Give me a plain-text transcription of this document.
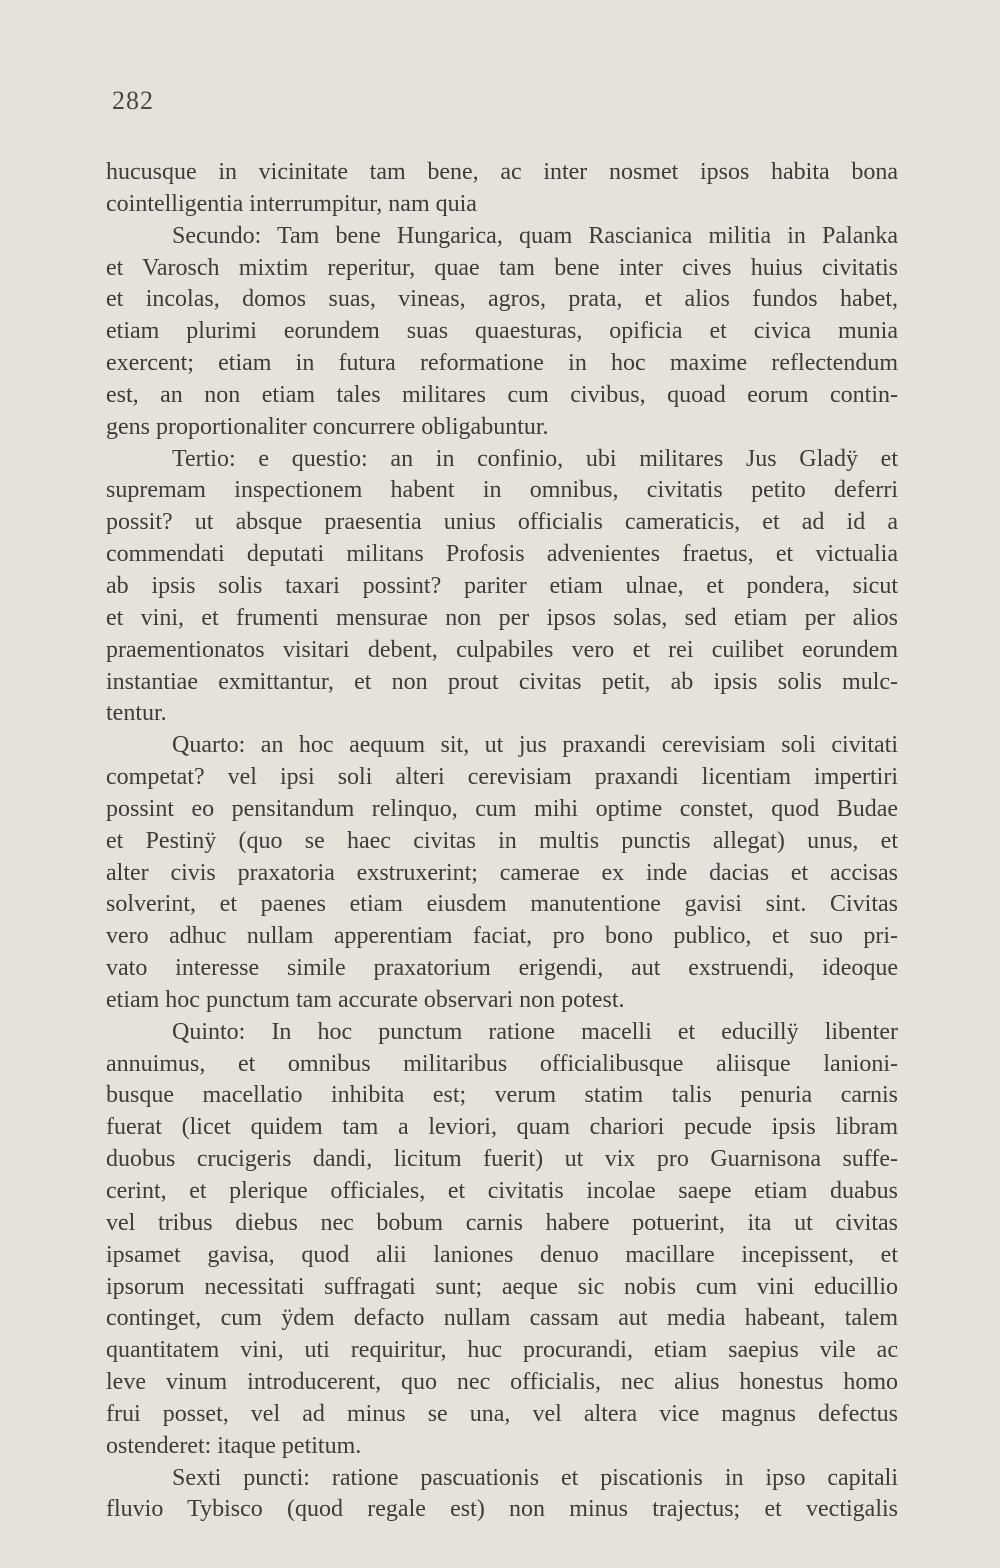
282
hucusque in vicinitate tam bene, ac inter nosmet ipsos habita bona
cointelligentia interrumpitur, nam quia
Secundo: Tam bene Hungarica, quam Rascianica militia in Palanka
et Varosch mixtim reperitur, quae tam bene inter cives huius civitatis
et incolas, domos suas, vineas, agros, prata, et alios fundos habet,
etiam plurimi eorundem suas quaesturas, opificia et civica munia
exercent; etiam in futura reformatione in hoc maxime reflectendum
est, an non etiam tales militares cum civibus, quoad eorum contin-
gens proportionaliter concurrere obligabuntur.
Tertio: e questio: an in confinio, ubi militares Jus Gladÿ et
supremam inspectionem habent in omnibus, civitatis petito deferri
possit? ut absque praesentia unius officialis cameraticis, et ad id a
commendati deputati militans Profosis advenientes fraetus, et victualia
ab ipsis solis taxari possint? pariter etiam ulnae, et pondera, sicut
et vini, et frumenti mensurae non per ipsos solas, sed etiam per alios
praementionatos visitari debent, culpabiles vero et rei cuilibet eorundem
instantiae exmittantur, et non prout civitas petit, ab ipsis solis mulc-
tentur.
Quarto: an hoc aequum sit, ut jus praxandi cerevisiam soli civitati
competat? vel ipsi soli alteri cerevisiam praxandi licentiam impertiri
possint eo pensitandum relinquo, cum mihi optime constet, quod Budae
et Pestinÿ (quo se haec civitas in multis punctis allegat) unus, et
alter civis praxatoria exstruxerint; camerae ex inde dacias et accisas
solverint, et paenes etiam eiusdem manutentione gavisi sint. Civitas
vero adhuc nullam apperentiam faciat, pro bono publico, et suo pri-
vato interesse simile praxatorium erigendi, aut exstruendi, ideoque
etiam hoc punctum tam accurate observari non potest.
Quinto: In hoc punctum ratione macelli et educillÿ libenter
annuimus, et omnibus militaribus officialibusque aliisque lanioni-
busque macellatio inhibita est; verum statim talis penuria carnis
fuerat (licet quidem tam a leviori, quam chariori pecude ipsis libram
duobus crucigeris dandi, licitum fuerit) ut vix pro Guarnisona suffe-
cerint, et plerique officiales, et civitatis incolae saepe etiam duabus
vel tribus diebus nec bobum carnis habere potuerint, ita ut civitas
ipsamet gavisa, quod alii laniones denuo macillare incepissent, et
ipsorum necessitati suffragati sunt; aeque sic nobis cum vini educillio
continget, cum ÿdem defacto nullam cassam aut media habeant, talem
quantitatem vini, uti requiritur, huc procurandi, etiam saepius vile ac
leve vinum introducerent, quo nec officialis, nec alius honestus homo
frui posset, vel ad minus se una, vel altera vice magnus defectus
ostenderet: itaque petitum.
Sexti puncti: ratione pascuationis et piscationis in ipso capitali
fluvio Tybisco (quod regale est) non minus trajectus; et vectigalis
